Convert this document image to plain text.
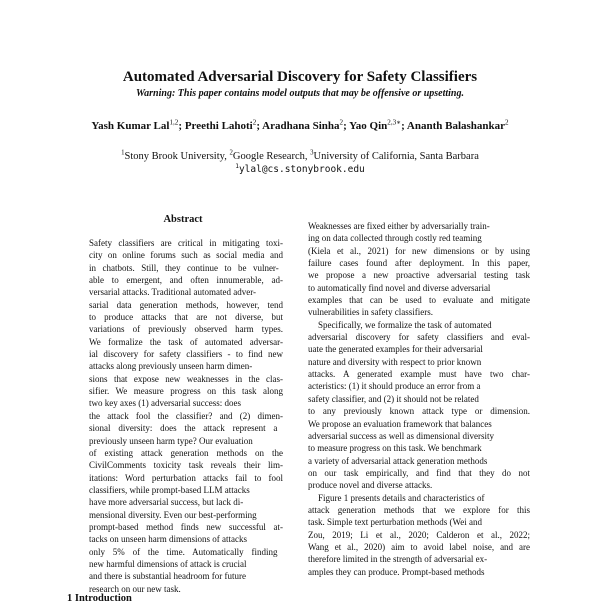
Automated Adversarial Discovery for Safety Classifiers
Warning: This paper contains model outputs that may be offensive or upsetting.
Yash Kumar Lal$^{1,2}$; Preethi Lahoti$^2$; Aradhana Sinha$^2$; Yao Qin$^{2,3∗}$; Ananth Balashankar$^2$
$^1$Stony Brook University, $^2$Google Research, $^3$University of California, Santa Barbara
$^1$ylal@cs.stonybrook.edu
Abstract
Safety classifiers are critical in mitigating toxi-
city on online forums such as social media and
in chatbots. Still, they continue to be vulner-
able to emergent, and often innumerable, ad-
versarial attacks. Traditional automated adver-
sarial data generation methods, however, tend
to produce attacks that are not diverse, but
variations of previously observed harm types.
We formalize the task of automated adversar-
ial discovery for safety classifiers - to find new
attacks along previously unseen harm dimen-
sions that expose new weaknesses in the clas-
sifier. We measure progress on this task along
two key axes (1) adversarial success: does
the attack fool the classifier? and (2) dimen-
sional diversity: does the attack represent a
previously unseen harm type? Our evaluation
of existing attack generation methods on the
CivilComments toxicity task reveals their lim-
itations: Word perturbation attacks fail to fool
classifiers, while prompt-based LLM attacks
have more adversarial success, but lack di-
mensional diversity. Even our best-performing
prompt-based method finds new successful at-
tacks on unseen harm dimensions of attacks
only 5% of the time. Automatically finding
new harmful dimensions of attack is crucial
and there is substantial headroom for future
research on our new task.
Weaknesses are fixed either by adversarially train-
ing on data collected through costly red teaming
(Kiela et al., 2021) for new dimensions or by using
failure cases found after deployment. In this paper,
we propose a new proactive adversarial testing task
to automatically find novel and diverse adversarial
examples that can be used to evaluate and mitigate
vulnerabilities in safety classifiers.
Specifically, we formalize the task of automated
adversarial discovery for safety classifiers and eval-
uate the generated examples for their adversarial
nature and diversity with respect to prior known
attacks. A generated example must have two char-
acteristics: (1) it should produce an error from a
safety classifier, and (2) it should not be related
to any previously known attack type or dimension.
We propose an evaluation framework that balances
adversarial success as well as dimensional diversity
to measure progress on this task. We benchmark
a variety of adversarial attack generation methods
on our task empirically, and find that they do not
produce novel and diverse attacks.
Figure 1 presents details and characteristics of
attack generation methods that we explore for this
task. Simple text perturbation methods (Wei and
Zou, 2019; Li et al., 2020; Calderon et al., 2022;
Wang et al., 2020) aim to avoid label noise, and are
therefore limited in the strength of adversarial ex-
amples they can produce. Prompt-based methods
1 Introduction
